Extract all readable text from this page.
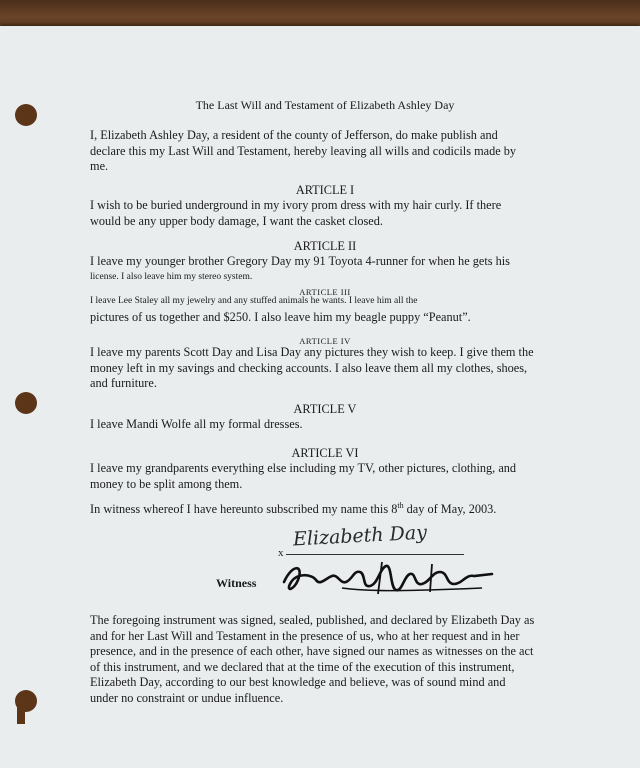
The Last Will and Testament of Elizabeth Ashley Day

I, Elizabeth Ashley Day, a resident of the county of Jefferson, do make publish and
declare this my Last Will and Testament, hereby leaving all wills and codicils made by
me.
ARTICLE I
I wish to be buried underground in my ivory prom dress with my hair curly. If there
would be any upper body damage, I want the casket closed.
ARTICLE II
I leave my younger brother Gregory Day my 91 Toyota 4-runner for when he gets his
license. I also leave him my stereo system.
ARTICLE III
I leave Lee Staley all my jewelry and any stuffed animals he wants. I leave him all the
pictures of us together and $250. I also leave him my beagle puppy “Peanut”.
ARTICLE IV
I leave my parents Scott Day and Lisa Day any pictures they wish to keep. I give them the
money left in my savings and checking accounts. I also leave them all my clothes, shoes,
and furniture.
ARTICLE V
I leave Mandi Wolfe all my formal dresses.
ARTICLE VI
I leave my grandparents everything else including my TV, other pictures, clothing, and
money to be split among them.
In witness whereof I have hereunto subscribed my name this 8th day of May, 2003.
x
Elizabeth Day
Witness
The foregoing instrument was signed, sealed, published, and declared by Elizabeth Day as
and for her Last Will and Testament in the presence of us, who at her request and in her
presence, and in the presence of each other, have signed our names as witnesses on the act
of this instrument, and we declared that at the time of the execution of this instrument,
Elizabeth Day, according to our best knowledge and believe, was of sound mind and
under no constraint or undue influence.
